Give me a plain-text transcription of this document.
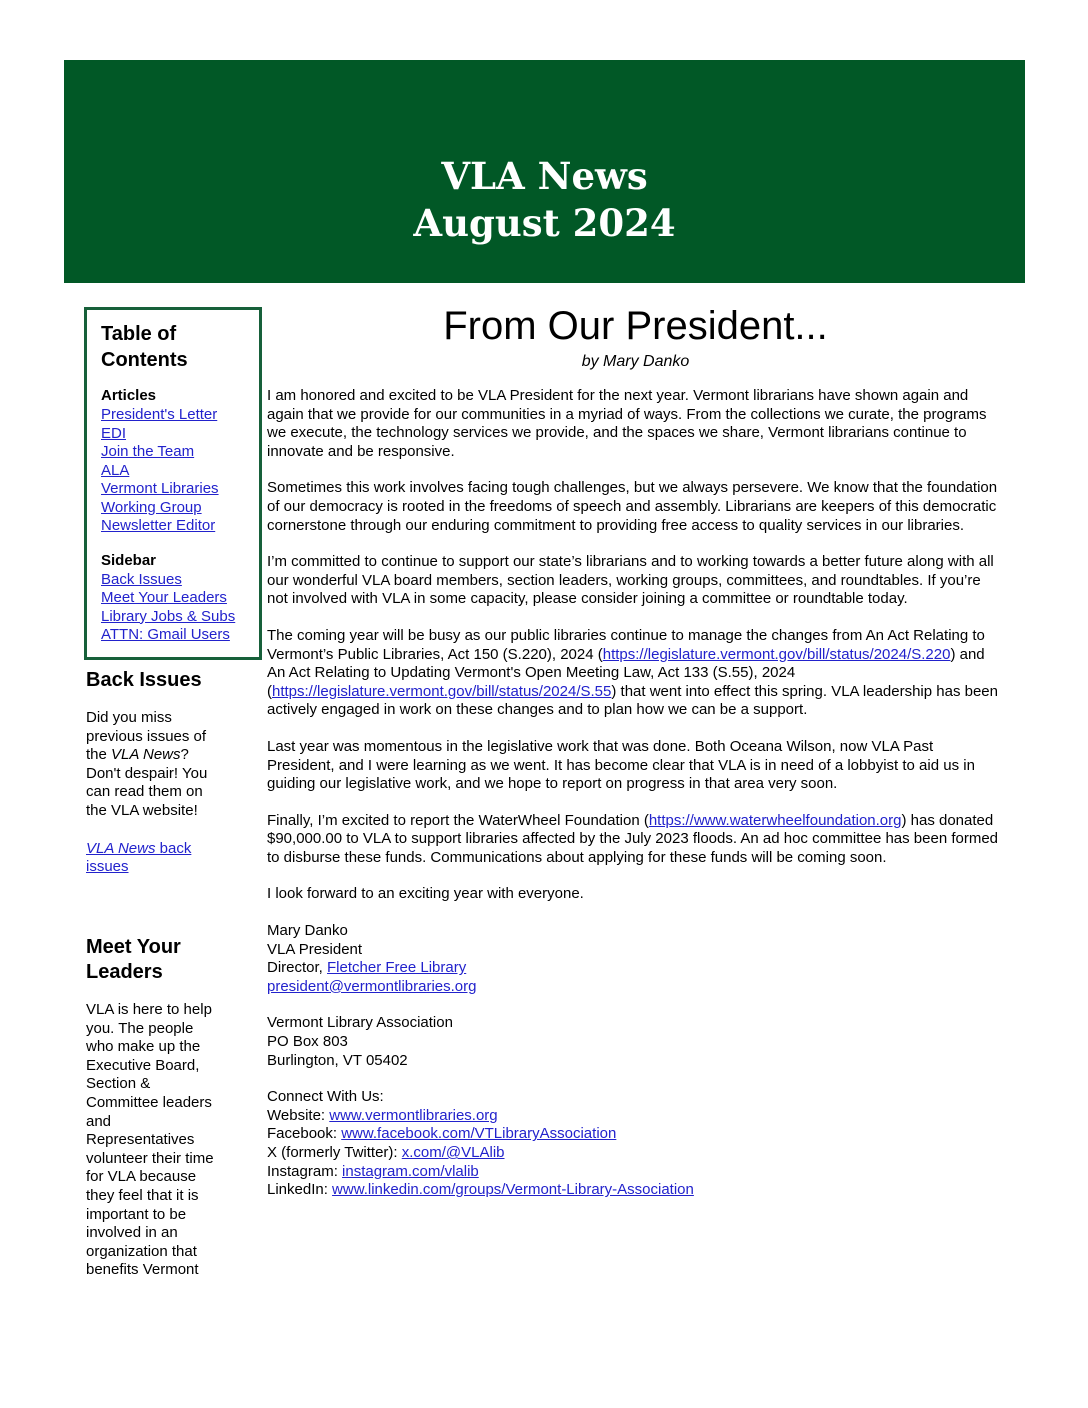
VLA News
August 2024
Table of Contents
Articles
President's Letter
EDI
Join the Team
ALA
Vermont Libraries
Working Group
Newsletter Editor
Sidebar
Back Issues
Meet Your Leaders
Library Jobs & Subs
ATTN: Gmail Users
Back Issues

Did you miss previous issues of the VLA News? Don't despair! You can read them on the VLA website!

VLA News back issues

Meet Your Leaders

VLA is here to help you. The people who make up the Executive Board, Section & Committee leaders and Representatives volunteer their time for VLA because they feel that it is important to be involved in an organization that benefits Vermont

From Our President...
by Mary Danko

I am honored and excited to be VLA President for the next year. Vermont librarians have shown again and again that we provide for our communities in a myriad of ways. From the collections we curate, the programs we execute, the technology services we provide, and the spaces we share, Vermont librarians continue to innovate and be responsive.

Sometimes this work involves facing tough challenges, but we always persevere. We know that the foundation of our democracy is rooted in the freedoms of speech and assembly. Librarians are keepers of this democratic cornerstone through our enduring commitment to providing free access to quality services in our libraries.

I’m committed to continue to support our state’s librarians and to working towards a better future along with all our wonderful VLA board members, section leaders, working groups, committees, and roundtables. If you’re not involved with VLA in some capacity, please consider joining a committee or roundtable today.

The coming year will be busy as our public libraries continue to manage the changes from An Act Relating to Vermont’s Public Libraries, Act 150 (S.220), 2024 (https://legislature.vermont.gov/bill/status/2024/S.220) and An Act Relating to Updating Vermont's Open Meeting Law, Act 133 (S.55), 2024 (https://legislature.vermont.gov/bill/status/2024/S.55) that went into effect this spring. VLA leadership has been actively engaged in work on these changes and to plan how we can be a support.

Last year was momentous in the legislative work that was done. Both Oceana Wilson, now VLA Past President, and I were learning as we went. It has become clear that VLA is in need of a lobbyist to aid us in guiding our legislative work, and we hope to report on progress in that area very soon.

Finally, I’m excited to report the WaterWheel Foundation (https://www.waterwheelfoundation.org) has donated $90,000.00 to VLA to support libraries affected by the July 2023 floods. An ad hoc committee has been formed to disburse these funds. Communications about applying for these funds will be coming soon.

I look forward to an exciting year with everyone.

Mary Danko
VLA President
Director, Fletcher Free Library
president@vermontlibraries.org

Vermont Library Association
PO Box 803
Burlington, VT 05402

Connect With Us:
Website: www.vermontlibraries.org
Facebook: www.facebook.com/VTLibraryAssociation
X (formerly Twitter): x.com/@VLAlib
Instagram: instagram.com/vlalib
LinkedIn: www.linkedin.com/groups/Vermont-Library-Association
